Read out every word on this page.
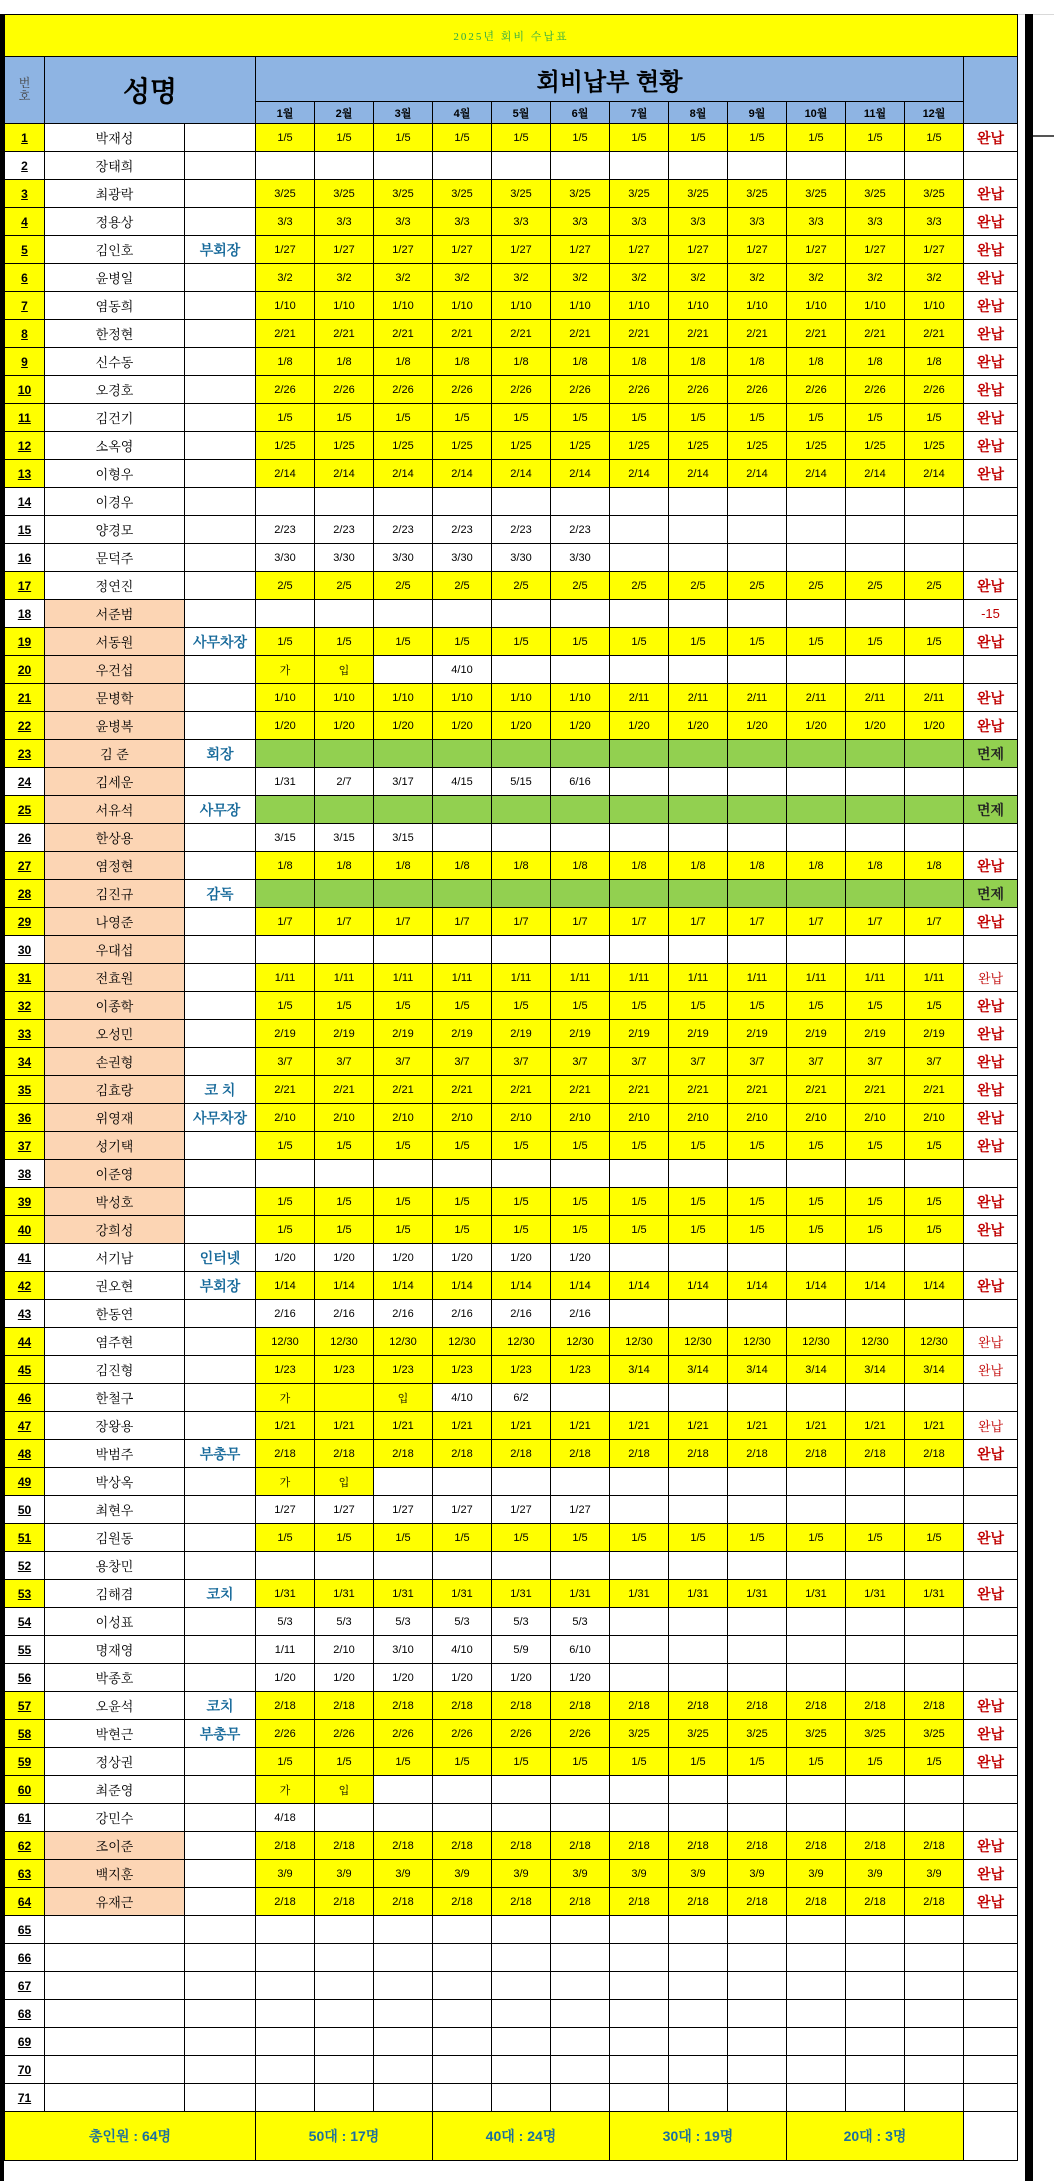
2025년 회비 수납표															
번
호	성명		회비납부 현황												
			1월	2월	3월	4월	5월	6월	7월	8월	9월	10월	11월	12월	
1	박재성		1/5	1/5	1/5	1/5	1/5	1/5	1/5	1/5	1/5	1/5	1/5	1/5	완납
2	장태희														
3	최광락		3/25	3/25	3/25	3/25	3/25	3/25	3/25	3/25	3/25	3/25	3/25	3/25	완납
4	정용상		3/3	3/3	3/3	3/3	3/3	3/3	3/3	3/3	3/3	3/3	3/3	3/3	완납
5	김인호	부회장	1/27	1/27	1/27	1/27	1/27	1/27	1/27	1/27	1/27	1/27	1/27	1/27	완납
6	윤병일		3/2	3/2	3/2	3/2	3/2	3/2	3/2	3/2	3/2	3/2	3/2	3/2	완납
7	염동희		1/10	1/10	1/10	1/10	1/10	1/10	1/10	1/10	1/10	1/10	1/10	1/10	완납
8	한정현		2/21	2/21	2/21	2/21	2/21	2/21	2/21	2/21	2/21	2/21	2/21	2/21	완납
9	신수동		1/8	1/8	1/8	1/8	1/8	1/8	1/8	1/8	1/8	1/8	1/8	1/8	완납
10	오경호		2/26	2/26	2/26	2/26	2/26	2/26	2/26	2/26	2/26	2/26	2/26	2/26	완납
11	김건기		1/5	1/5	1/5	1/5	1/5	1/5	1/5	1/5	1/5	1/5	1/5	1/5	완납
12	소옥영		1/25	1/25	1/25	1/25	1/25	1/25	1/25	1/25	1/25	1/25	1/25	1/25	완납
13	이형우		2/14	2/14	2/14	2/14	2/14	2/14	2/14	2/14	2/14	2/14	2/14	2/14	완납
14	이경우														
15	양경모		2/23	2/23	2/23	2/23	2/23	2/23							
16	문덕주		3/30	3/30	3/30	3/30	3/30	3/30							
17	정연진		2/5	2/5	2/5	2/5	2/5	2/5	2/5	2/5	2/5	2/5	2/5	2/5	완납
18	서준범														-15
19	서동원	사무차장	1/5	1/5	1/5	1/5	1/5	1/5	1/5	1/5	1/5	1/5	1/5	1/5	완납
20	우건섭		가	입		4/10									
21	문병학		1/10	1/10	1/10	1/10	1/10	1/10	2/11	2/11	2/11	2/11	2/11	2/11	완납
22	윤병복		1/20	1/20	1/20	1/20	1/20	1/20	1/20	1/20	1/20	1/20	1/20	1/20	완납
23	김 준	회장													면제
24	김세운		1/31	2/7	3/17	4/15	5/15	6/16							
25	서유석	사무장													면제
26	한상용		3/15	3/15	3/15										
27	염정현		1/8	1/8	1/8	1/8	1/8	1/8	1/8	1/8	1/8	1/8	1/8	1/8	완납
28	김진규	감독													면제
29	나영준		1/7	1/7	1/7	1/7	1/7	1/7	1/7	1/7	1/7	1/7	1/7	1/7	완납
30	우대섭														
31	전효원		1/11	1/11	1/11	1/11	1/11	1/11	1/11	1/11	1/11	1/11	1/11	1/11	완납
32	이종학		1/5	1/5	1/5	1/5	1/5	1/5	1/5	1/5	1/5	1/5	1/5	1/5	완납
33	오성민		2/19	2/19	2/19	2/19	2/19	2/19	2/19	2/19	2/19	2/19	2/19	2/19	완납
34	손권형		3/7	3/7	3/7	3/7	3/7	3/7	3/7	3/7	3/7	3/7	3/7	3/7	완납
35	김효랑	코 치	2/21	2/21	2/21	2/21	2/21	2/21	2/21	2/21	2/21	2/21	2/21	2/21	완납
36	위영재	사무차장	2/10	2/10	2/10	2/10	2/10	2/10	2/10	2/10	2/10	2/10	2/10	2/10	완납
37	성기택		1/5	1/5	1/5	1/5	1/5	1/5	1/5	1/5	1/5	1/5	1/5	1/5	완납
38	이준영														
39	박성호		1/5	1/5	1/5	1/5	1/5	1/5	1/5	1/5	1/5	1/5	1/5	1/5	완납
40	강희성		1/5	1/5	1/5	1/5	1/5	1/5	1/5	1/5	1/5	1/5	1/5	1/5	완납
41	서기남	인터넷	1/20	1/20	1/20	1/20	1/20	1/20							
42	권오현	부회장	1/14	1/14	1/14	1/14	1/14	1/14	1/14	1/14	1/14	1/14	1/14	1/14	완납
43	한동연		2/16	2/16	2/16	2/16	2/16	2/16							
44	염주현		12/30	12/30	12/30	12/30	12/30	12/30	12/30	12/30	12/30	12/30	12/30	12/30	완납
45	김진형		1/23	1/23	1/23	1/23	1/23	1/23	3/14	3/14	3/14	3/14	3/14	3/14	완납
46	한철구		가		입	4/10	6/2								
47	장왕용		1/21	1/21	1/21	1/21	1/21	1/21	1/21	1/21	1/21	1/21	1/21	1/21	완납
48	박범주	부총무	2/18	2/18	2/18	2/18	2/18	2/18	2/18	2/18	2/18	2/18	2/18	2/18	완납
49	박상옥		가	입											
50	최현우		1/27	1/27	1/27	1/27	1/27	1/27							
51	김원동		1/5	1/5	1/5	1/5	1/5	1/5	1/5	1/5	1/5	1/5	1/5	1/5	완납
52	용창민														
53	김해겸	코치	1/31	1/31	1/31	1/31	1/31	1/31	1/31	1/31	1/31	1/31	1/31	1/31	완납
54	이성표		5/3	5/3	5/3	5/3	5/3	5/3							
55	명재영		1/11	2/10	3/10	4/10	5/9	6/10							
56	박종호		1/20	1/20	1/20	1/20	1/20	1/20							
57	오윤석	코치	2/18	2/18	2/18	2/18	2/18	2/18	2/18	2/18	2/18	2/18	2/18	2/18	완납
58	박현근	부총무	2/26	2/26	2/26	2/26	2/26	2/26	3/25	3/25	3/25	3/25	3/25	3/25	완납
59	정상권		1/5	1/5	1/5	1/5	1/5	1/5	1/5	1/5	1/5	1/5	1/5	1/5	완납
60	최준영		가	입											
61	강민수		4/18												
62	조이준		2/18	2/18	2/18	2/18	2/18	2/18	2/18	2/18	2/18	2/18	2/18	2/18	완납
63	백지훈		3/9	3/9	3/9	3/9	3/9	3/9	3/9	3/9	3/9	3/9	3/9	3/9	완납
64	유재근		2/18	2/18	2/18	2/18	2/18	2/18	2/18	2/18	2/18	2/18	2/18	2/18	완납
65															
66															
67															
68															
69															
70															
71															
총인원 : 64명			50대 : 17명			40대 : 24명			30대 : 19명			20대 : 3명			
